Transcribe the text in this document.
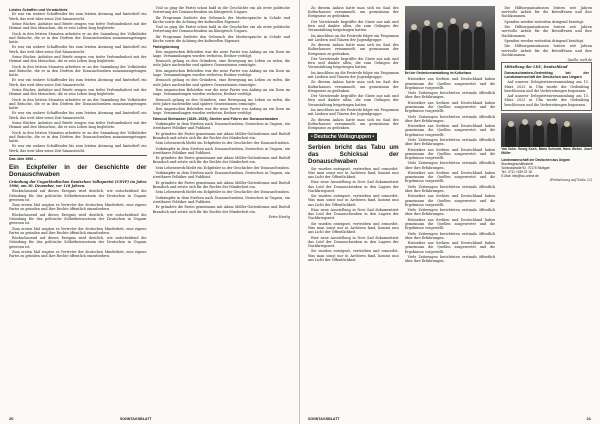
Letztes Schaffen und Vermächtnis

Er war ein wahrer Schaffender bis zum letzten Atemzug und hinterließ ein Werk, das weit über seine Zeit hinausreicht.

Seine Bücher, Aufsätze und Briefe zeugen von tiefer Verbundenheit mit der Heimat und den Menschen, die er sein Leben lang begleitete.

Noch in den letzten Monaten arbeitete er an der Sammlung der Volkslieder und Bräuche, die er in den Dörfern der Donauschwaben zusammengetragen hatte.

Er war ein wahrer Schaffender bis zum letzten Atemzug und hinterließ ein Werk, das weit über seine Zeit hinausreicht.

Seine Bücher, Aufsätze und Briefe zeugen von tiefer Verbundenheit mit der Heimat und den Menschen, die er sein Leben lang begleitete.

Noch in den letzten Monaten arbeitete er an der Sammlung der Volkslieder und Bräuche, die er in den Dörfern der Donauschwaben zusammengetragen hatte.

Er war ein wahrer Schaffender bis zum letzten Atemzug und hinterließ ein Werk, das weit über seine Zeit hinausreicht.

Seine Bücher, Aufsätze und Briefe zeugen von tiefer Verbundenheit mit der Heimat und den Menschen, die er sein Leben lang begleitete.

Noch in den letzten Monaten arbeitete er an der Sammlung der Volkslieder und Bräuche, die er in den Dörfern der Donauschwaben zusammengetragen hatte.

Er war ein wahrer Schaffender bis zum letzten Atemzug und hinterließ ein Werk, das weit über seine Zeit hinausreicht.

Seine Bücher, Aufsätze und Briefe zeugen von tiefer Verbundenheit mit der Heimat und den Menschen, die er sein Leben lang begleitete.

Noch in den letzten Monaten arbeitete er an der Sammlung der Volkslieder und Bräuche, die er in den Dörfern der Donauschwaben zusammengetragen hatte.

Er war ein wahrer Schaffender bis zum letzten Atemzug und hinterließ ein Werk, das weit über seine Zeit hinausreicht.

Das Jahr 1906 –
Ein Eckpfeiler in der Geschichte der Donauschwaben
Gründung der Ungarländischen Deutschen Volkspartei (UDVP) im Jahre 1906, am 30. Dezember, vor 118 Jahren.

Rückschauend auf dieses Ereignis wird deutlich, wie entscheidend die Gründung für das politische Selbstbewusstsein der Deutschen in Ungarn gewesen ist.

Zum ersten Mal wagten es Vertreter der deutschen Minderheit, eine eigene Partei zu gründen und ihre Rechte öffentlich einzufordern.

Rückschauend auf dieses Ereignis wird deutlich, wie entscheidend die Gründung für das politische Selbstbewusstsein der Deutschen in Ungarn gewesen ist.

Zum ersten Mal wagten es Vertreter der deutschen Minderheit, eine eigene Partei zu gründen und ihre Rechte öffentlich einzufordern.

Rückschauend auf dieses Ereignis wird deutlich, wie entscheidend die Gründung für das politische Selbstbewusstsein der Deutschen in Ungarn gewesen ist.

Zum ersten Mal wagten es Vertreter der deutschen Minderheit, eine eigene Partei zu gründen und ihre Rechte öffentlich einzufordern.

Und so ging die Partei schon bald in die Geschichte ein als erste politische Vertretung der Donauschwaben im Königreich Ungarn.

Ihr Programm forderte den Gebrauch der Muttersprache in Schule und Kirche sowie die Achtung der kulturellen Eigenart.

Und so ging die Partei schon bald in die Geschichte ein als erste politische Vertretung der Donauschwaben im Königreich Ungarn.

Ihr Programm forderte den Gebrauch der Muttersprache in Schule und Kirche sowie die Achtung der kulturellen Eigenart.

Parteigründung

Den ungarischen Behörden war die neue Partei von Anfang an ein Dorn im Auge. Versammlungen wurden verboten, Redner verfolgt.

Dennoch gelang es den Gründern, eine Bewegung ins Leben zu rufen, die viele Jahre nachwirkte und spätere Generationen ermutigte.

Den ungarischen Behörden war die neue Partei von Anfang an ein Dorn im Auge. Versammlungen wurden verboten, Redner verfolgt.

Dennoch gelang es den Gründern, eine Bewegung ins Leben zu rufen, die viele Jahre nachwirkte und spätere Generationen ermutigte.

Den ungarischen Behörden war die neue Partei von Anfang an ein Dorn im Auge. Versammlungen wurden verboten, Redner verfolgt.

Dennoch gelang es den Gründern, eine Bewegung ins Leben zu rufen, die viele Jahre nachwirkte und spätere Generationen ermutigte.

Den ungarischen Behörden war die neue Partei von Anfang an ein Dorn im Auge. Versammlungen wurden verboten, Redner verfolgt.

Edmund Steinacker (1839–1929), Streiter und Führer der Donauschwaben

Vorkämpfer in dem Streben nach Donauschwaben, Deutschen in Ungarn, ein streitbarer Politiker und Publizist.

Er gründete die Partei gemeinsam mit Adam Müller-Guttenbrunn und Rudolf Brandsch und setzte sich für die Rechte der Minderheit ein.

Sein Lebenswerk bleibt ein Eckpfeiler in der Geschichte der Donauschwaben.

Vorkämpfer in dem Streben nach Donauschwaben, Deutschen in Ungarn, ein streitbarer Politiker und Publizist.

Er gründete die Partei gemeinsam mit Adam Müller-Guttenbrunn und Rudolf Brandsch und setzte sich für die Rechte der Minderheit ein.

Sein Lebenswerk bleibt ein Eckpfeiler in der Geschichte der Donauschwaben.

Vorkämpfer in dem Streben nach Donauschwaben, Deutschen in Ungarn, ein streitbarer Politiker und Publizist.

Er gründete die Partei gemeinsam mit Adam Müller-Guttenbrunn und Rudolf Brandsch und setzte sich für die Rechte der Minderheit ein.

Sein Lebenswerk bleibt ein Eckpfeiler in der Geschichte der Donauschwaben.

Vorkämpfer in dem Streben nach Donauschwaben, Deutschen in Ungarn, ein streitbarer Politiker und Publizist.

Er gründete die Partei gemeinsam mit Adam Müller-Guttenbrunn und Rudolf Brandsch und setzte sich für die Rechte der Minderheit ein.

Petra Hartig
20	SONNTAGSBLATT

Zu diesem Anlass hatte man sich im Saal des Kulturhauses versammelt, um gemeinsam der Ereignisse zu gedenken.

Der Vorsitzende begrüßte die Gäste aus nah und fern und dankte allen, die zum Gelingen der Veranstaltung beigetragen hatten.

Im Anschluss an die Festrede folgte ein Programm mit Liedern und Tänzen der Jugendgruppe.

Zu diesem Anlass hatte man sich im Saal des Kulturhauses versammelt, um gemeinsam der Ereignisse zu gedenken.

Der Vorsitzende begrüßte die Gäste aus nah und fern und dankte allen, die zum Gelingen der Veranstaltung beigetragen hatten.

Im Anschluss an die Festrede folgte ein Programm mit Liedern und Tänzen der Jugendgruppe.

Zu diesem Anlass hatte man sich im Saal des Kulturhauses versammelt, um gemeinsam der Ereignisse zu gedenken.

Der Vorsitzende begrüßte die Gäste aus nah und fern und dankte allen, die zum Gelingen der Veranstaltung beigetragen hatten.

Im Anschluss an die Festrede folgte ein Programm mit Liedern und Tänzen der Jugendgruppe.

Zu diesem Anlass hatte man sich im Saal des Kulturhauses versammelt, um gemeinsam der Ereignisse zu gedenken.

• Deutsche Volksgruppen •
Serbien bricht das Tabu um das Schicksal der Donauschwaben

Sie wurden enteignet, vertrieben und ermordet. Was man sonst nur in Archiven fand, kommt nun ans Licht der Öffentlichkeit.

Eine neue Ausstellung in Novi Sad dokumentiert das Leid der Donauschwaben in den Lagern der Nachkriegszeit.

Sie wurden enteignet, vertrieben und ermordet. Was man sonst nur in Archiven fand, kommt nun ans Licht der Öffentlichkeit.

Eine neue Ausstellung in Novi Sad dokumentiert das Leid der Donauschwaben in den Lagern der Nachkriegszeit.

Sie wurden enteignet, vertrieben und ermordet. Was man sonst nur in Archiven fand, kommt nun ans Licht der Öffentlichkeit.

Eine neue Ausstellung in Novi Sad dokumentiert das Leid der Donauschwaben in den Lagern der Nachkriegszeit.

Sie wurden enteignet, vertrieben und ermordet. Was man sonst nur in Archiven fand, kommt nun ans Licht der Öffentlichkeit.

Bei der Gedenkveranstaltung im Kulturhaus

Historiker aus Serbien und Deutschland haben gemeinsam die Quellen ausgewertet und die Ergebnisse vorgestellt.

Viele Zeitzeugen berichteten erstmals öffentlich über ihre Erfahrungen.

Historiker aus Serbien und Deutschland haben gemeinsam die Quellen ausgewertet und die Ergebnisse vorgestellt.

Viele Zeitzeugen berichteten erstmals öffentlich über ihre Erfahrungen.

Historiker aus Serbien und Deutschland haben gemeinsam die Quellen ausgewertet und die Ergebnisse vorgestellt.

Viele Zeitzeugen berichteten erstmals öffentlich über ihre Erfahrungen.

Historiker aus Serbien und Deutschland haben gemeinsam die Quellen ausgewertet und die Ergebnisse vorgestellt.

Viele Zeitzeugen berichteten erstmals öffentlich über ihre Erfahrungen.

Historiker aus Serbien und Deutschland haben gemeinsam die Quellen ausgewertet und die Ergebnisse vorgestellt.

Viele Zeitzeugen berichteten erstmals öffentlich über ihre Erfahrungen.

Historiker aus Serbien und Deutschland haben gemeinsam die Quellen ausgewertet und die Ergebnisse vorgestellt.

Viele Zeitzeugen berichteten erstmals öffentlich über ihre Erfahrungen.

Historiker aus Serbien und Deutschland haben gemeinsam die Quellen ausgewertet und die Ergebnisse vorgestellt.

Viele Zeitzeugen berichteten erstmals öffentlich über ihre Erfahrungen.

Historiker aus Serbien und Deutschland haben gemeinsam die Quellen ausgewertet und die Ergebnisse vorgestellt.

Viele Zeitzeugen berichteten erstmals öffentlich über ihre Erfahrungen.

Die Hilfsorganisationen leisten seit Jahren wertvolle Arbeit für die Betroffenen und ihre Nachkommen.

Spenden werden weiterhin dringend benötigt.

Die Hilfsorganisationen leisten seit Jahren wertvolle Arbeit für die Betroffenen und ihre Nachkommen.

Spenden werden weiterhin dringend benötigt.

Die Hilfsorganisationen leisten seit Jahren wertvolle Arbeit für die Betroffenen und ihre Nachkommen.

Quelle: welt.de
Mitteilung der LDU, Deutschland
Donauschwaben-Gedenktag bei der Landsmannschaft der Deutschen aus Ungarn

Auf unserer Delegiertenversammlung am 15. März 2023 in Ulm wurde der Gedenktag beschlossen und die Vorbereitungen begonnen.

Auf unserer Delegiertenversammlung am 15. März 2023 in Ulm wurde der Gedenktag beschlossen und die Vorbereitungen begonnen.

Von links: Georg Koch, Maria Schmidt, Hans Weber, Josef Müller
Landsmannschaft der Deutschen aus Ungarn
Bundesgeschäftsstelle
Schlossstraße 92, 70176 Stuttgart
Tel.: 0711 / 639 22 18
E-Mail: info@ldu-online.de
(Fortsetzung auf Seite 22)
SONNTAGSBLATT	21
